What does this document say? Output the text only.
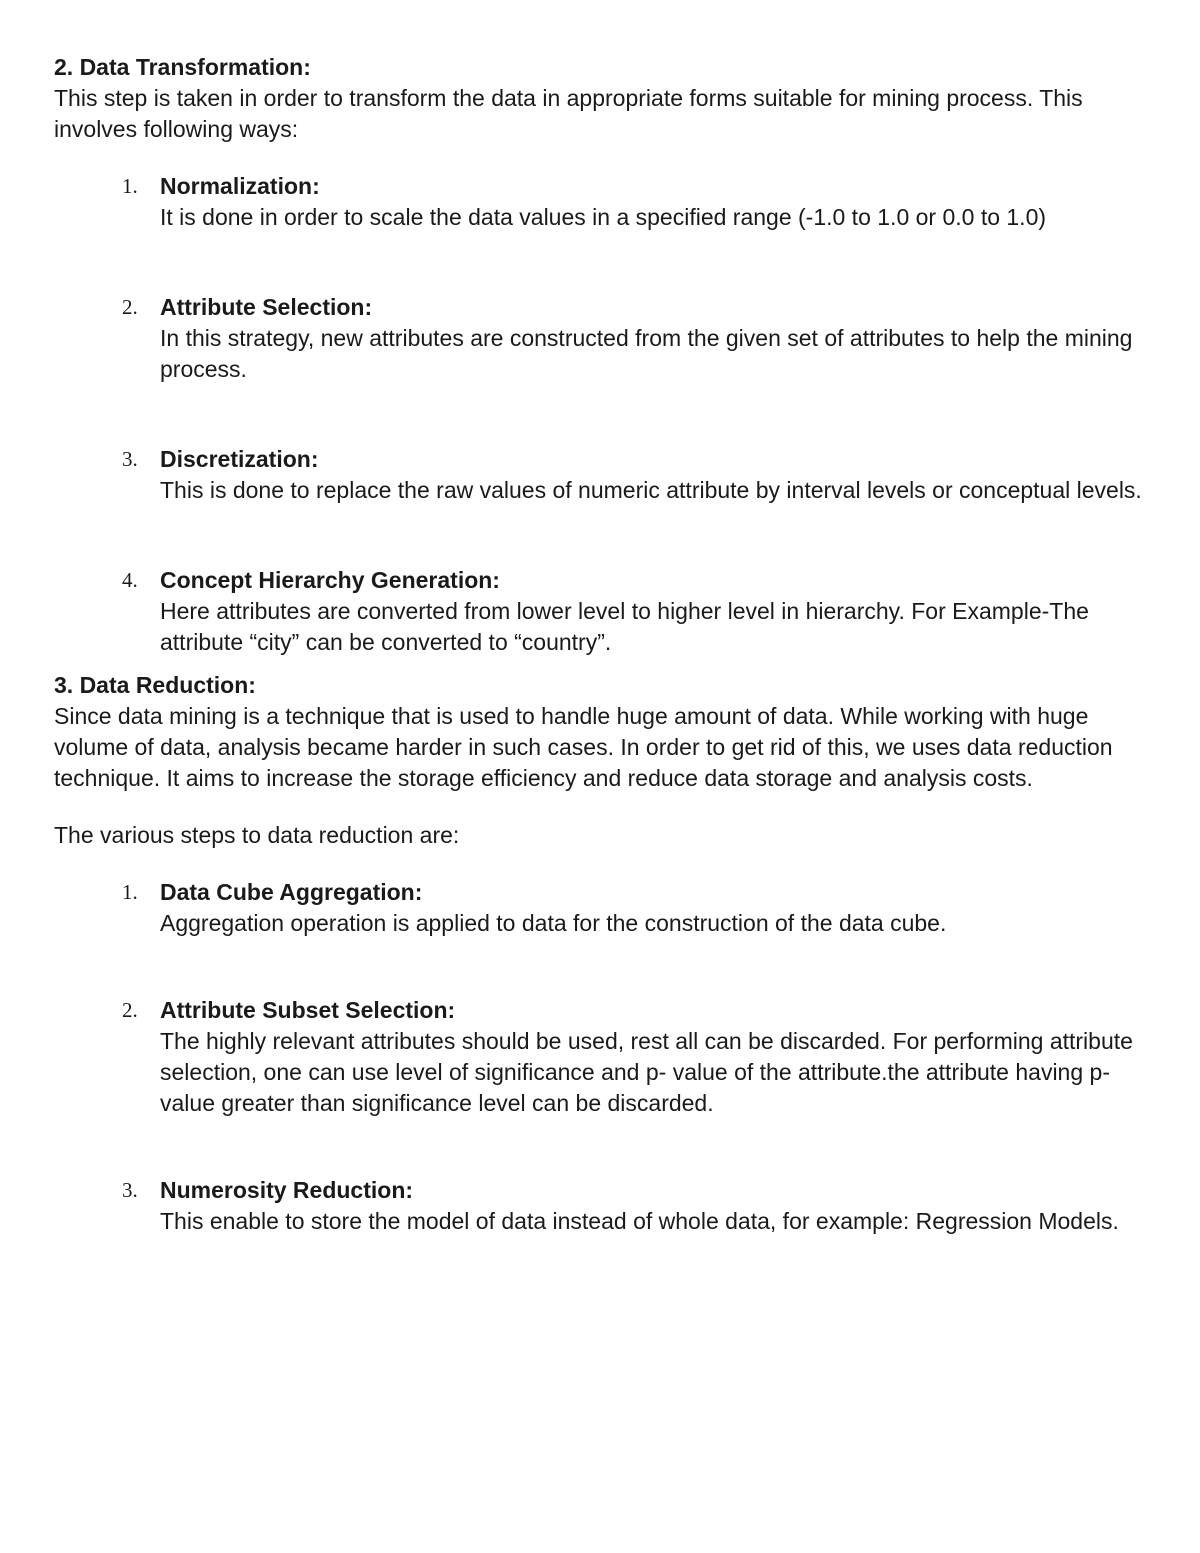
2. Data Transformation:

This step is taken in order to transform the data in appropriate forms suitable for mining process. This involves following ways:

1. Normalization:
It is done in order to scale the data values in a specified range (-1.0 to 1.0 or 0.0 to 1.0)
2. Attribute Selection:
In this strategy, new attributes are constructed from the given set of attributes to help the mining process.
3. Discretization:
This is done to replace the raw values of numeric attribute by interval levels or conceptual levels.
4. Concept Hierarchy Generation:
Here attributes are converted from lower level to higher level in hierarchy. For Example-The attribute “city” can be converted to “country”.

3. Data Reduction:

Since data mining is a technique that is used to handle huge amount of data. While working with huge volume of data, analysis became harder in such cases. In order to get rid of this, we uses data reduction technique. It aims to increase the storage efficiency and reduce data storage and analysis costs.

The various steps to data reduction are:

1. Data Cube Aggregation:
Aggregation operation is applied to data for the construction of the data cube.
2. Attribute Subset Selection:
The highly relevant attributes should be used, rest all can be discarded. For performing attribute selection, one can use level of significance and p- value of the attribute.the attribute having p-value greater than significance level can be discarded.
3. Numerosity Reduction:
This enable to store the model of data instead of whole data, for example: Regression Models.
